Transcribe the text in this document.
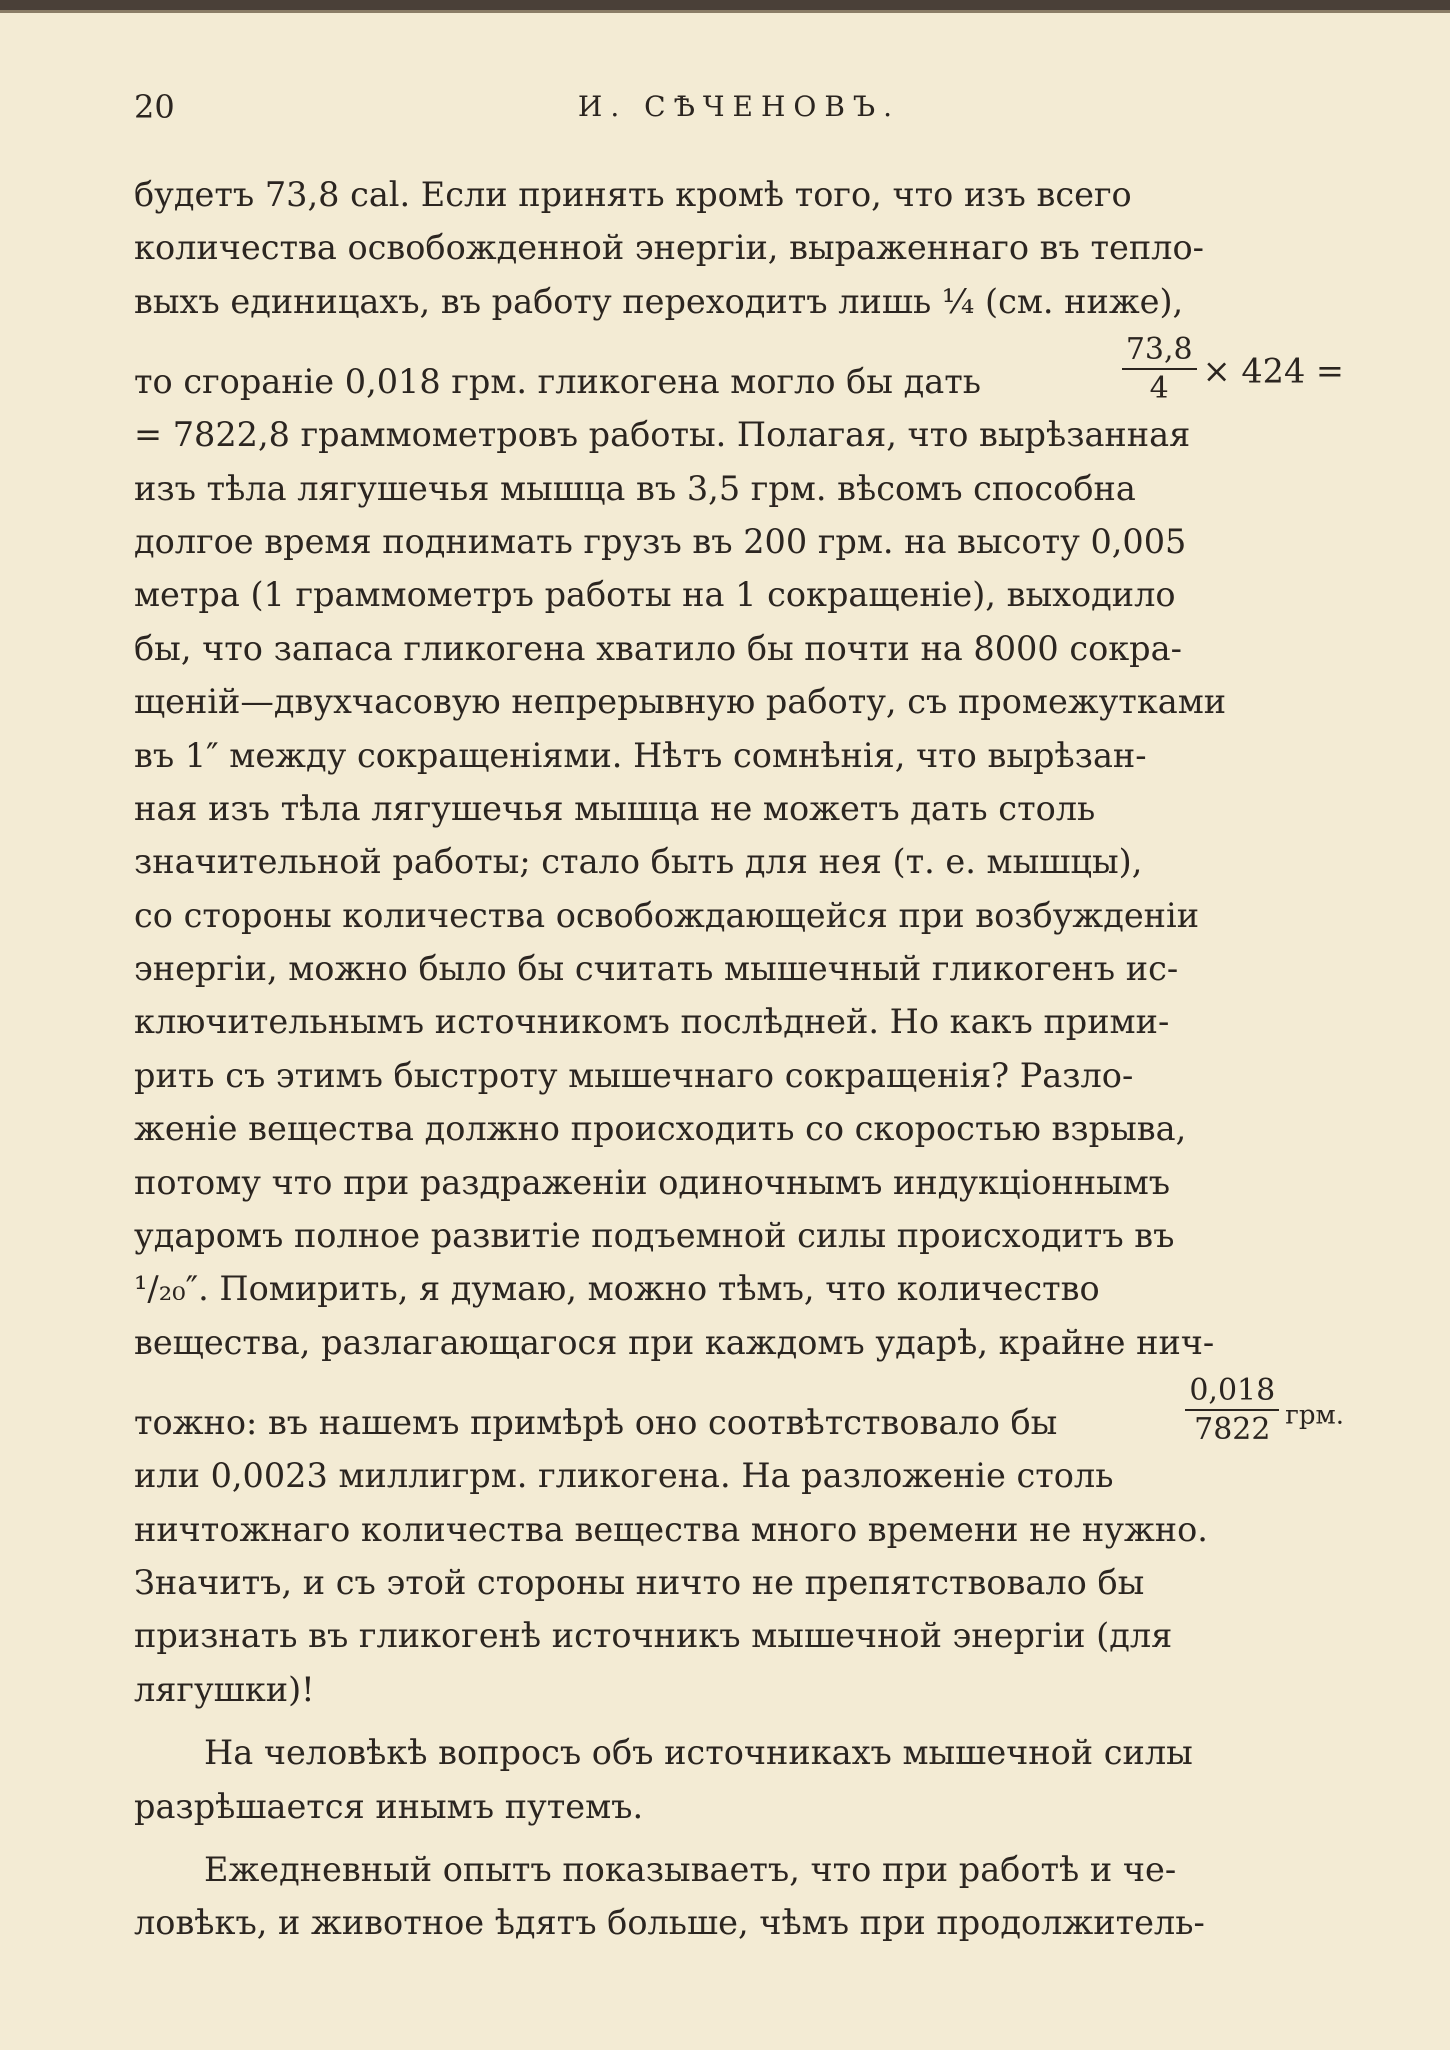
20	И. СѢЧЕНОВЪ.
будетъ 73,8 cal. Если принять кромѣ того, что изъ всего
количества освобожденной энергіи, выраженнаго въ тепло-
выхъ единицахъ, въ работу переходитъ лишь ¼ (см. ниже),
то сгораніе 0,018 грм. гликогена могло бы дать	$\frac{73,8}{4} \times 424$ =
= 7822,8 граммометровъ работы. Полагая, что вырѣзанная
изъ тѣла лягушечья мышца въ 3,5 грм. вѣсомъ способна
долгое время поднимать грузъ въ 200 грм. на высоту 0,005
метра (1 граммометръ работы на 1 сокращеніе), выходило
бы, что запаса гликогена хватило бы почти на 8000 сокра-
щеній—двухчасовую непрерывную работу, съ промежутками
въ 1″ между сокращеніями. Нѣтъ сомнѣнія, что вырѣзан-
ная изъ тѣла лягушечья мышца не можетъ дать столь
значительной работы; стало быть для нея (т. е. мышцы),
со стороны количества освобождающейся при возбужденіи
энергіи, можно было бы считать мышечный гликогенъ ис-
ключительнымъ источникомъ послѣдней. Но какъ прими-
рить съ этимъ быстроту мышечнаго сокращенія? Разло-
женіе вещества должно происходить со скоростью взрыва,
потому что при раздраженіи одиночнымъ индукціоннымъ
ударомъ полное развитіе подъемной силы происходитъ въ
¹/₂₀″. Помирить, я думаю, можно тѣмъ, что количество
вещества, разлагающагося при каждомъ ударѣ, крайне нич-
тожно: въ нашемъ примѣрѣ оно соотвѣтствовало бы	$\frac{0,018}{7822}$ грм.
или 0,0023 миллигрм. гликогена. На разложеніе столь
ничтожнаго количества вещества много времени не нужно.
Значитъ, и съ этой стороны ничто не препятствовало бы
признать въ гликогенѣ источникъ мышечной энергіи (для
лягушки)!
На человѣкѣ вопросъ объ источникахъ мышечной силы
разрѣшается инымъ путемъ.
Ежедневный опытъ показываетъ, что при работѣ и че-
ловѣкъ, и животное ѣдятъ больше, чѣмъ при продолжитель-
